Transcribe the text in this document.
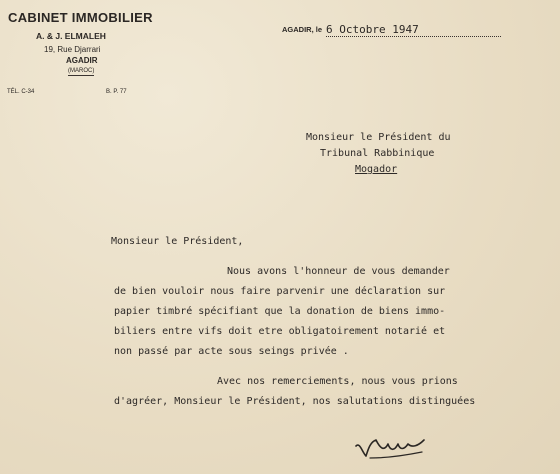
CABINET IMMOBILIER
A. & J. ELMALEH
19, Rue Djarrari
AGADIR
(MAROC)
TÉL. C-34	B. P. 77
AGADIR, le 6 Octobre 1947
Monsieur le Président du
Tribunal Rabbinique
Mogador
Monsieur le Président,
Nous avons l'honneur de vous demander
de bien vouloir nous faire parvenir une déclaration sur
papier timbré spécifiant que la donation de biens immo-
biliers entre vifs doit etre obligatoirement notarié et
non passé par acte sous seings privée .
Avec nos remerciements, nous vous prions
d'agréer, Monsieur le Président, nos salutations distinguées
